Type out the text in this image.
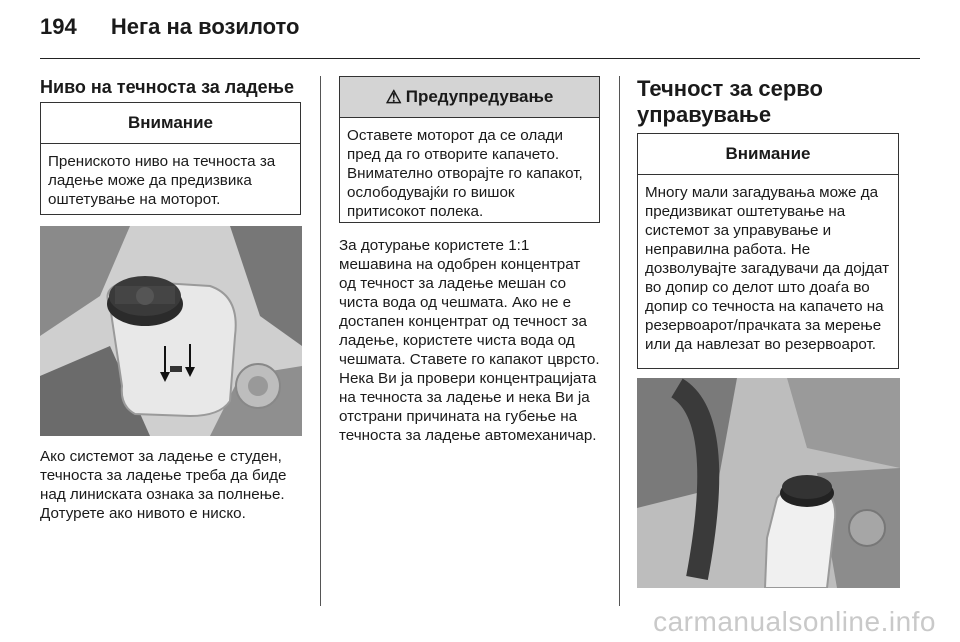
194 Нега на возилото
Ниво на течноста за ладење
Внимание
Пренискoто ниво на течноста за ладење може да предизвика оштетување на моторот.
Ако системот за ладење е студен, течноста за ладење треба да биде над линиската ознака за полнење. Дотурете ако нивото е ниско.
⚠ Предупредување
Оставете моторот да се олади пред да го отворите капачето. Внимателно отворајте го капакот, ослободувајќи го вишок притисокот полека.
За дотурање користете 1:1 мешавина на одобрен концентрат од течност за ладење мешан со чиста вода од чешмата. Ако не е достапен концентрат од течност за ладење, користете чиста вода од чешмата. Ставете го капакот цврсто. Нека Ви ја провери концентрацијата на течноста за ладење и нека Ви ја отстрани причината на губење на течноста за ладење автомеханичар.
Течност за серво управување
Внимание
Многу мали загадувања може да предизвикат оштетување на системот за управување и неправилна работа. Не дозволувајте загадувачи да дојдат во допир со делот што доаѓа во допир со течноста на капачето на резервоарот/прачката за мерење или да навлезат во резервоарот.
carmanualsonline.info
